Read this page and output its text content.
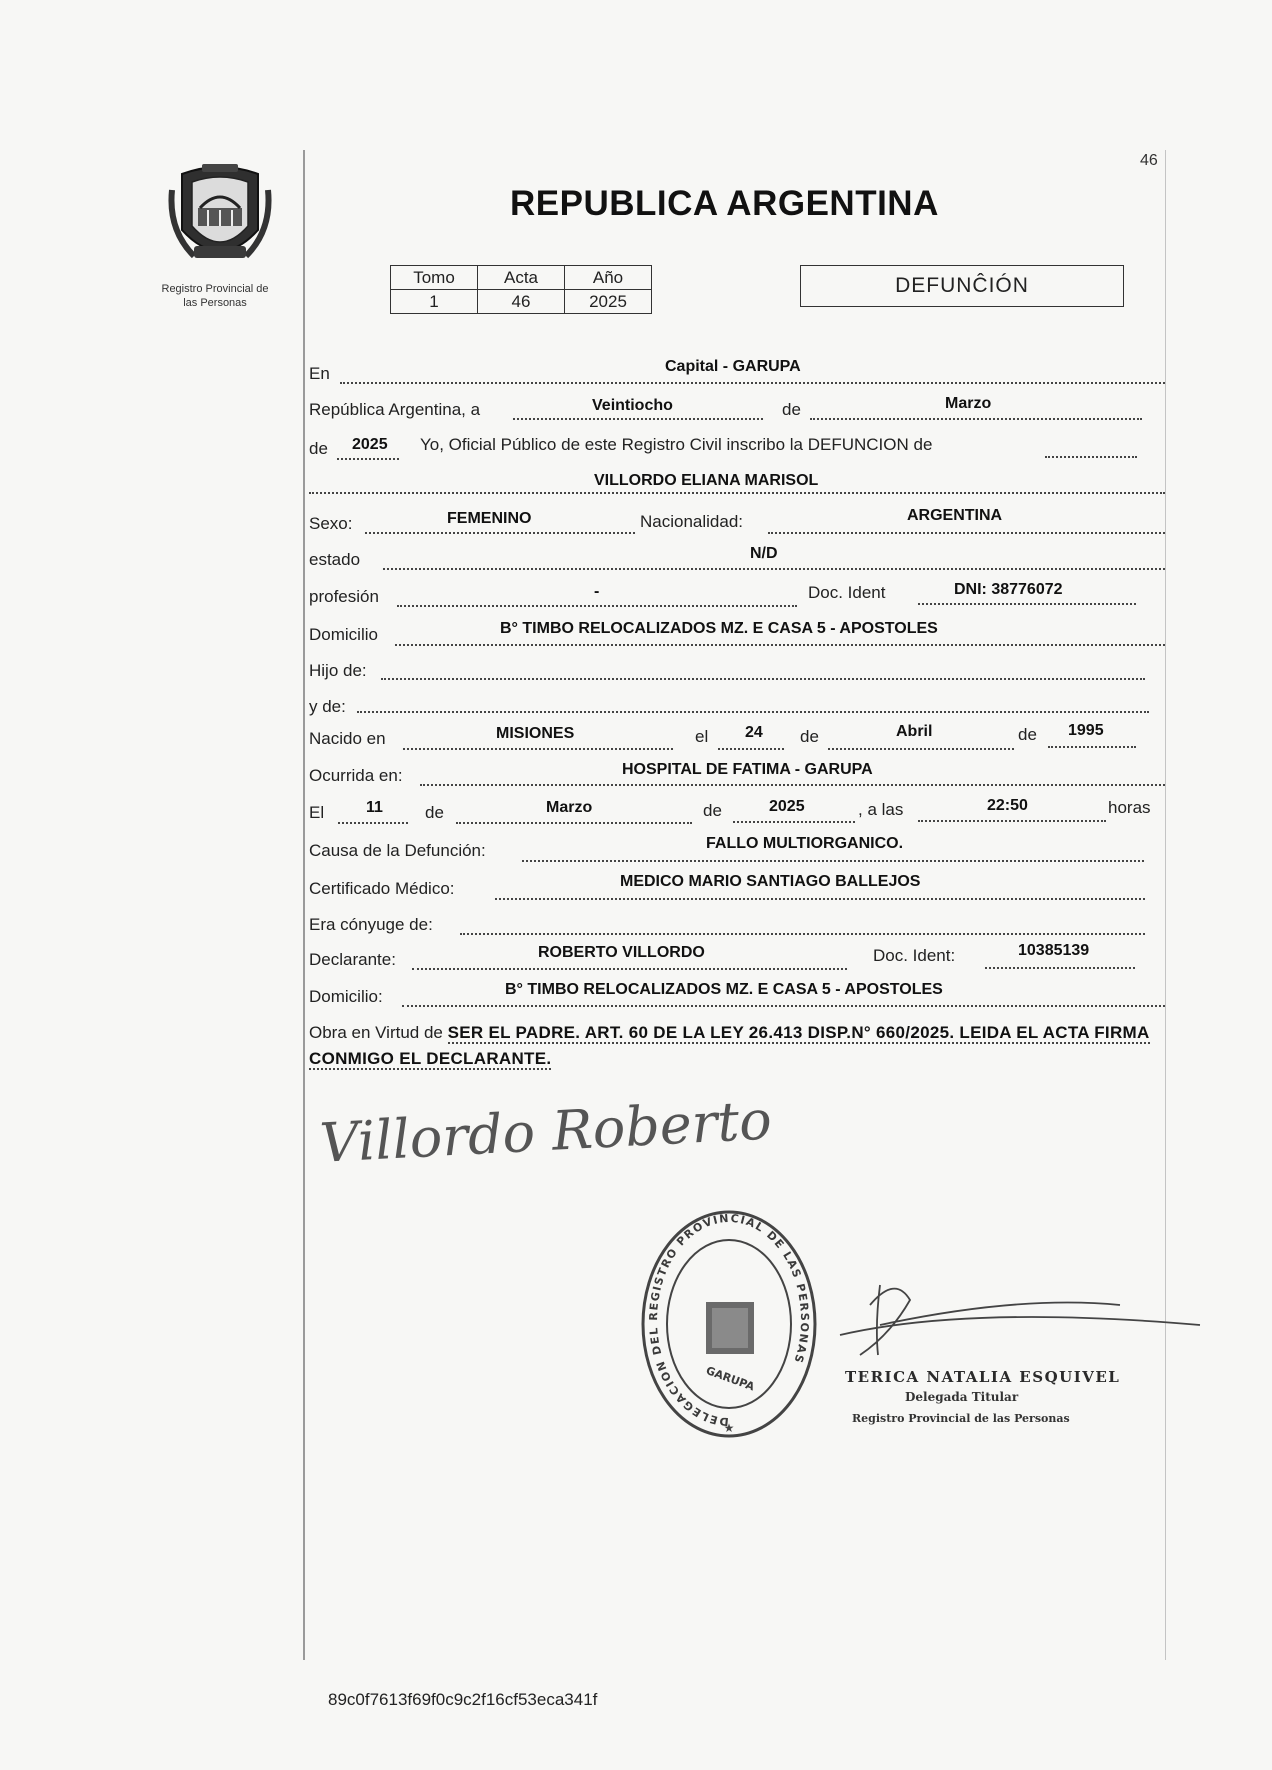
46
Registro Provincial de
las Personas
REPUBLICA ARGENTINA
Tomo	Acta	Año
1	46	2025
DEFUNĈIÓN
En	Capital - GARUPA
República Argentina, a	Veintiocho	de	Marzo
de 2025 Yo, Oficial Público de este Registro Civil inscribo la DEFUNCION de
VILLORDO ELIANA MARISOL
Sexo:	FEMENINO	Nacionalidad:	ARGENTINA
estado	N/D
profesión	-	Doc. Ident	DNI: 38776072
Domicilio	B° TIMBO RELOCALIZADOS MZ. E CASA 5 - APOSTOLES
Hijo de:
y de:
Nacido en	MISIONES	el 24 de	Abril	de 1995
Ocurrida en:	HOSPITAL DE FATIMA - GARUPA
El	11 de	Marzo	de	2025	, a las	22:50	horas
Causa de la Defunción:	FALLO MULTIORGANICO.
Certificado Médico:	MEDICO MARIO SANTIAGO BALLEJOS
Era cónyuge de:
Declarante:	ROBERTO VILLORDO	Doc. Ident:	10385139
Domicilio:	B° TIMBO RELOCALIZADOS MZ. E CASA 5 - APOSTOLES
Obra en Virtud de SER EL PADRE. ART. 60 DE LA LEY 26.413 DISP.N° 660/2025. LEIDA EL ACTA FIRMA CONMIGO EL DECLARANTE.
Villordo Roberto
DELEGACION DEL REGISTRO PROVINCIAL DE LAS PERSONAS
GARUPA
★
TERICA NATALIA ESQUIVEL
Delegada Titular
Registro Provincial de las Personas
89c0f7613f69f0c9c2f16cf53eca341f
